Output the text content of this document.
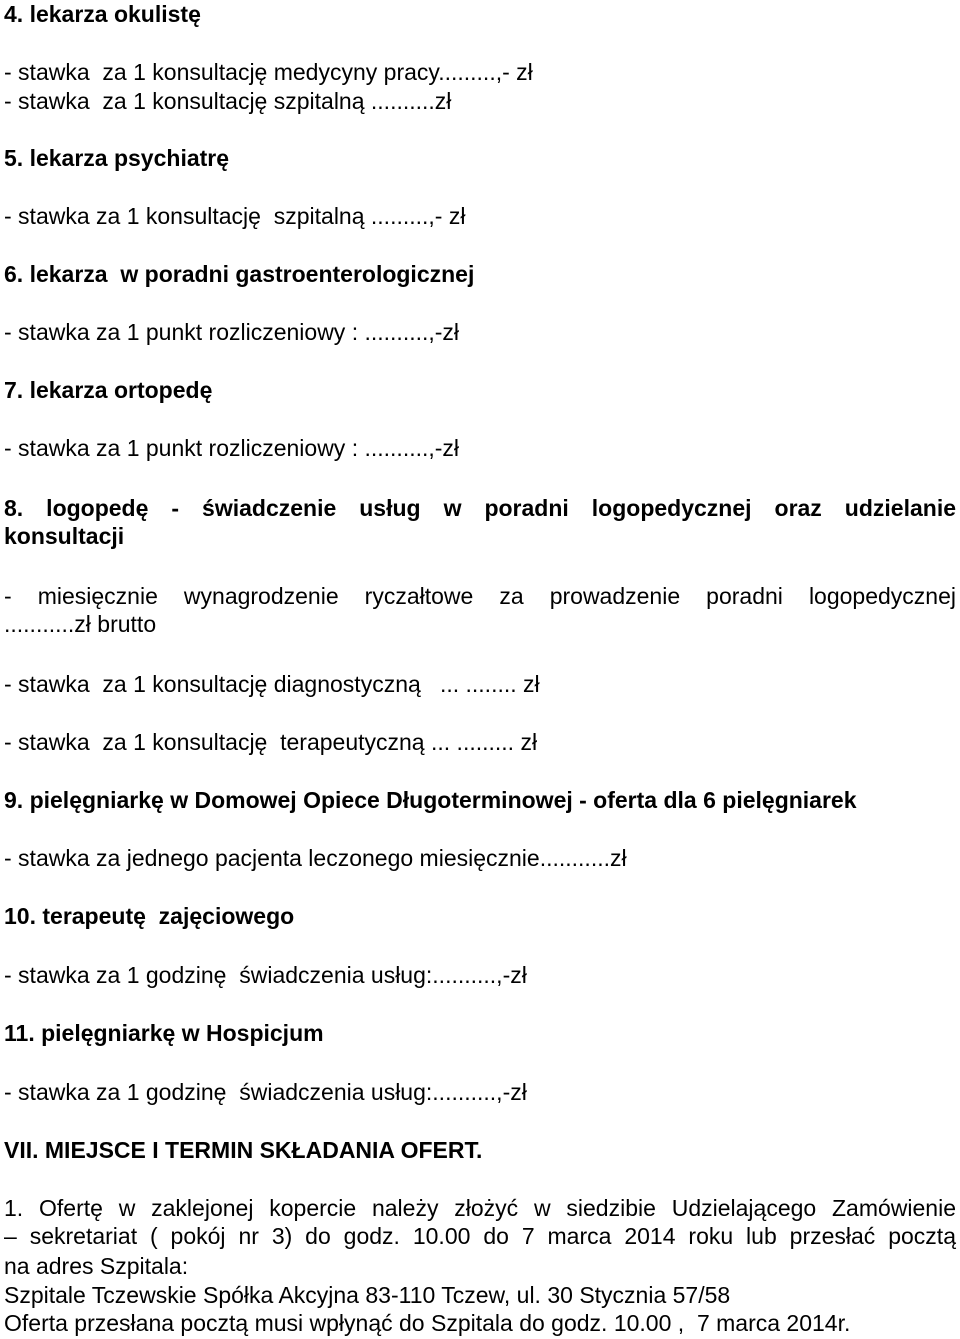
4. lekarza okulistę
- stawka  za 1 konsultację medycyny pracy.........,- zł
- stawka  za 1 konsultację szpitalną ..........zł
5. lekarza psychiatrę
- stawka za 1 konsultację  szpitalną .........,- zł
6. lekarza  w poradni gastroenterologicznej
- stawka za 1 punkt rozliczeniowy : ..........,-zł
7. lekarza ortopedę
- stawka za 1 punkt rozliczeniowy : ..........,-zł
8. logopedę - świadczenie usług w poradni logopedycznej oraz udzielanie
konsultacji
- miesięcznie wynagrodzenie ryczałtowe za prowadzenie poradni logopedycznej
...........zł brutto
- stawka  za 1 konsultację diagnostyczną   ... ........ zł
- stawka  za 1 konsultację  terapeutyczną ... ......... zł
9. pielęgniarkę w Domowej Opiece Długoterminowej - oferta dla 6 pielęgniarek
- stawka za jednego pacjenta leczonego miesięcznie...........zł
10. terapeutę  zajęciowego
- stawka za 1 godzinę  świadczenia usług:..........,-zł
11. pielęgniarkę w Hospicjum
- stawka za 1 godzinę  świadczenia usług:..........,-zł
VII. MIEJSCE I TERMIN SKŁADANIA OFERT.
1. Ofertę w zaklejonej kopercie należy złożyć w siedzibie Udzielającego Zamówienie
– sekretariat ( pokój nr 3) do godz. 10.00 do 7 marca 2014 roku lub przesłać pocztą
na adres Szpitala:
Szpitale Tczewskie Spółka Akcyjna 83-110 Tczew, ul. 30 Stycznia 57/58
Oferta przesłana pocztą musi wpłynąć do Szpitala do godz. 10.00 ,  7 marca 2014r.
